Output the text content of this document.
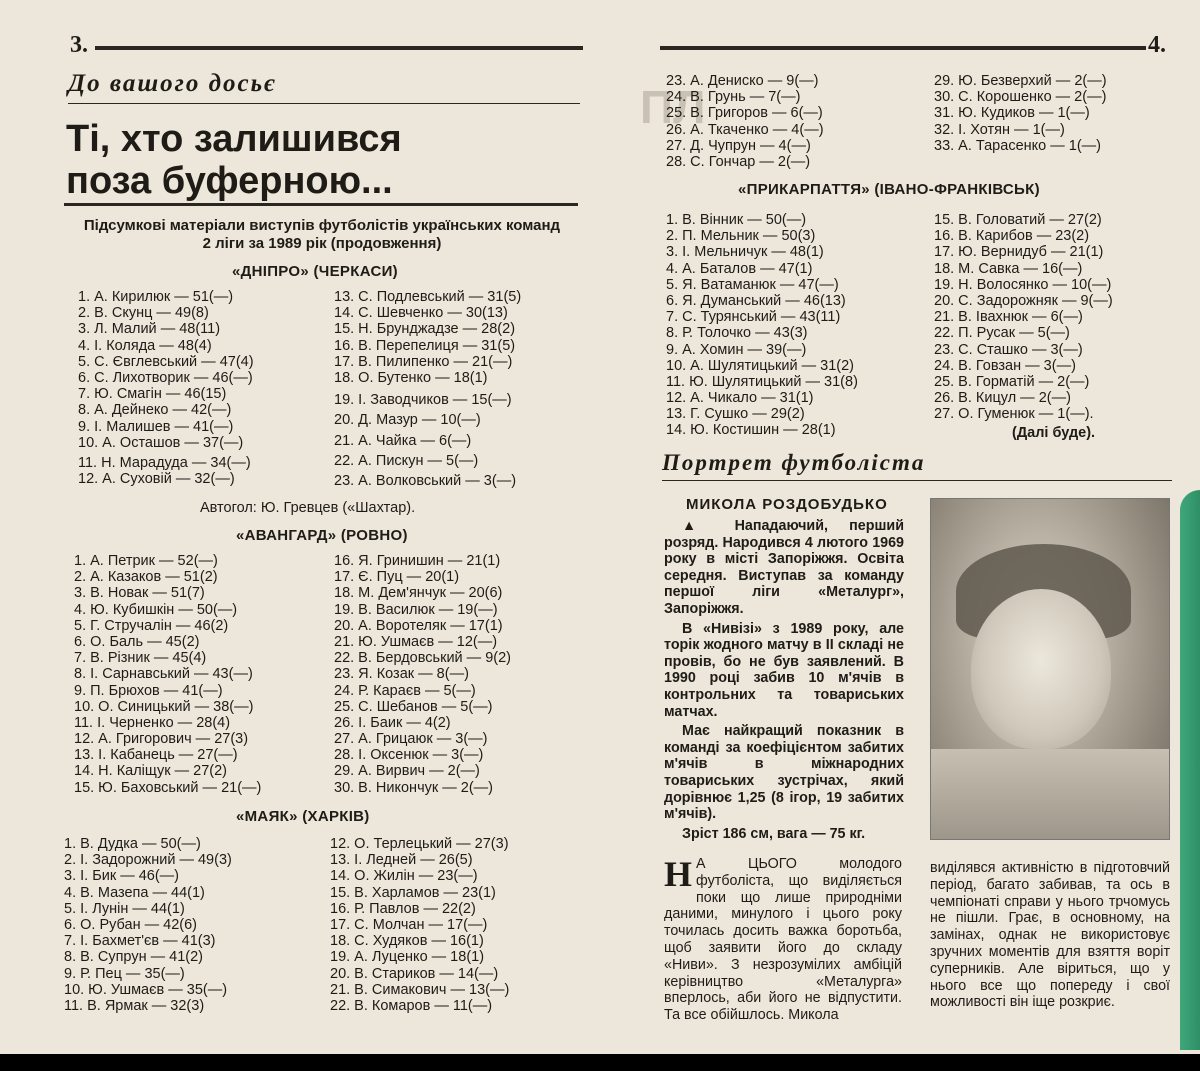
ПЛ
3.	4.
До вашого досьє
Ті, хто залишився
поза буферною...
Підсумкові матеріали виступів футболістів українських команд
2 ліги за 1989 рік (продовження)
«ДНІПРО» (ЧЕРКАСИ)
1. А. Кирилюк — 51(—)
2. В. Скунц — 49(8)
3. Л. Малий — 48(11)
4. І. Коляда — 48(4)
5. С. Євглевський — 47(4)
6. С. Лихотворик — 46(—)
7. Ю. Смагін — 46(15)
8. А. Дейнеко — 42(—)
9. І. Малишев — 41(—)
10. А. Осташов — 37(—)
11. Н. Марадуда — 34(—)
12. А. Суховій — 32(—)
13. С. Подлевський — 31(5)
14. С. Шевченко — 30(13)
15. Н. Брунджадзе — 28(2)
16. В. Перепелиця — 31(5)
17. В. Пилипенко — 21(—)
18. О. Бутенко — 18(1)
19. І. Заводчиков — 15(—)
20. Д. Мазур — 10(—)
21. А. Чайка — 6(—)
22. А. Пискун — 5(—)
23. А. Волковський — 3(—)
Автогол: Ю. Гревцев («Шахтар).
«АВАНГАРД» (РОВНО)
1. А. Петрик — 52(—)
2. А. Казаков — 51(2)
3. В. Новак — 51(7)
4. Ю. Кубишкін — 50(—)
5. Г. Стручалін — 46(2)
6. О. Баль — 45(2)
7. В. Різник — 45(4)
8. І. Сарнавський — 43(—)
9. П. Брюхов — 41(—)
10. О. Синицький — 38(—)
11. І. Черненко — 28(4)
12. А. Григорович — 27(3)
13. І. Кабанець — 27(—)
14. Н. Каліщук — 27(2)
15. Ю. Баховський — 21(—)
16. Я. Гринишин — 21(1)
17. Є. Пуц — 20(1)
18. М. Дем'янчук — 20(6)
19. В. Василюк — 19(—)
20. А. Воротеляк — 17(1)
21. Ю. Ушмаєв — 12(—)
22. В. Бердовський — 9(2)
23. Я. Козак — 8(—)
24. Р. Караєв — 5(—)
25. С. Шебанов — 5(—)
26. І. Баик — 4(2)
27. А. Грицаюк — 3(—)
28. І. Оксенюк — 3(—)
29. А. Вирвич — 2(—)
30. В. Никончук — 2(—)
«МАЯК» (ХАРКІВ)
1. В. Дудка — 50(—)
2. І. Задорожний — 49(3)
3. І. Бик — 46(—)
4. В. Мазепа — 44(1)
5. І. Лунін — 44(1)
6. О. Рубан — 42(6)
7. І. Бахмет'єв — 41(3)
8. В. Супрун — 41(2)
9. Р. Пец — 35(—)
10. Ю. Ушмаєв — 35(—)
11. В. Ярмак — 32(3)
12. О. Терлецький — 27(3)
13. І. Ледней — 26(5)
14. О. Жилін — 23(—)
15. В. Харламов — 23(1)
16. Р. Павлов — 22(2)
17. С. Молчан — 17(—)
18. С. Худяков — 16(1)
19. А. Луценко — 18(1)
20. В. Стариков — 14(—)
21. В. Симакович — 13(—)
22. В. Комаров — 11(—)
23. А. Дениско — 9(—)
24. В. Грунь — 7(—)
25. В. Григоров — 6(—)
26. А. Ткаченко — 4(—)
27. Д. Чупрун — 4(—)
28. С. Гончар — 2(—)
29. Ю. Безверхий — 2(—)
30. С. Корошенко — 2(—)
31. Ю. Кудиков — 1(—)
32. І. Хотян — 1(—)
33. А. Тарасенко — 1(—)
«ПРИКАРПАТТЯ» (ІВАНО-ФРАНКІВСЬК)
1. В. Вінник — 50(—)
2. П. Мельник — 50(3)
3. І. Мельничук — 48(1)
4. А. Баталов — 47(1)
5. Я. Ватаманюк — 47(—)
6. Я. Думанський — 46(13)
7. С. Турянський — 43(11)
8. Р. Толочко — 43(3)
9. А. Хомин — 39(—)
10. А. Шулятицький — 31(2)
11. Ю. Шулятицький — 31(8)
12. А. Чикало — 31(1)
13. Г. Сушко — 29(2)
14. Ю. Костишин — 28(1)
15. В. Головатий — 27(2)
16. В. Карибов — 23(2)
17. Ю. Вернидуб — 21(1)
18. М. Савка — 16(—)
19. Н. Волосянко — 10(—)
20. С. Задорожняк — 9(—)
21. В. Івахнюк — 6(—)
22. П. Русак — 5(—)
23. С. Сташко — 3(—)
24. В. Говзан — 3(—)
25. В. Горматій — 2(—)
26. В. Кицул — 2(—)
27. О. Гуменюк — 1(—).
(Далі буде).
Портрет футболіста
МИКОЛА РОЗДОБУДЬКО

▲ Нападаючий, перший розряд. Народився 4 лютого 1969 року в місті Запоріжжя. Освіта середня. Виступав за команду першої ліги «Металург», Запоріжжя.

В «Нивізі» з 1989 року, але торік жодного матчу в ІІ складі не провів, бо не був заявлений. В 1990 році забив 10 м'ячів в контрольних та товариських матчах.

Має найкращий показник в команді за коефіцієнтом забитих м'ячів в міжнародних товариських зустрічах, який дорівнює 1,25 (8 ігор, 19 забитих м'ячів).

Зріст 186 см, вага — 75 кг.

Н А ЦЬОГО молодого футболіста, що виділяється поки що лише природніми даними, минулого і цього року точилась досить важка боротьба, щоб заявити його до складу «Ниви». З незрозумілих амбіцій керівництво «Металурга» вперлось, аби його не відпустити. Та все обійшлось. Микола

виділявся активністю в підготовчий період, багато забивав, та ось в чемпіонаті справи у нього трчомусь не пішли. Грає, в основному, на замінах, однак не використовує зручних моментів для взяття воріт суперників. Але віриться, що у нього все що попереду і свої можливості він іще розкриє.
